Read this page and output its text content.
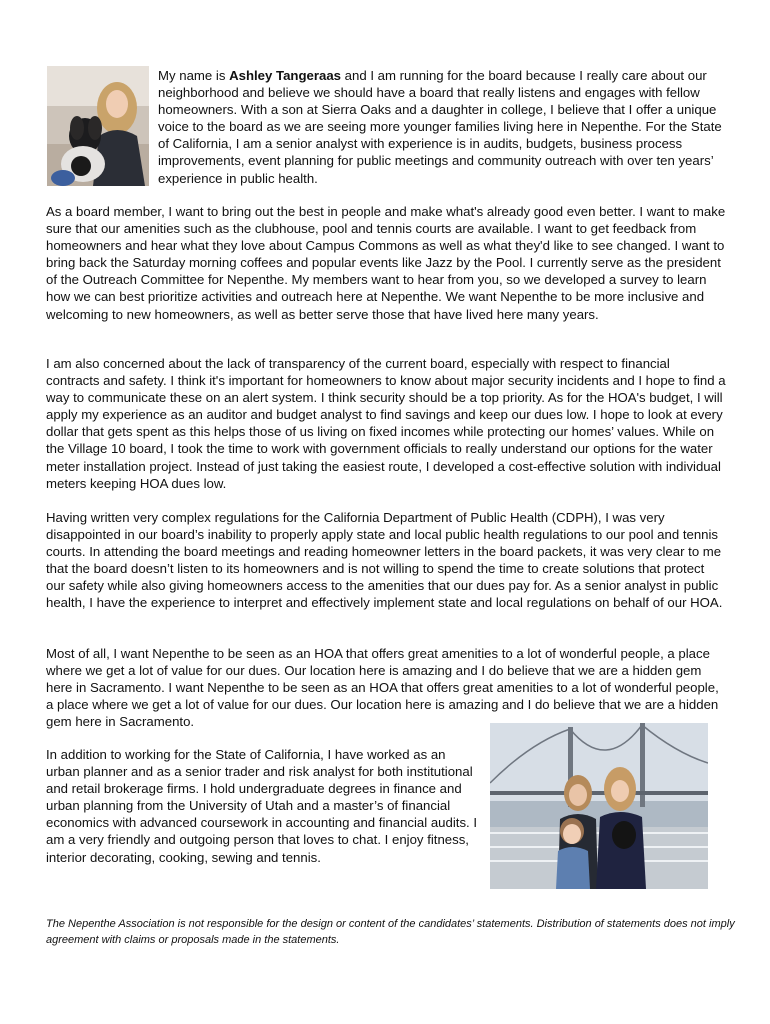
My name is Ashley Tangeraas and I am running for the board because I really care about our neighborhood and believe we should have a board that really listens and engages with fellow homeowners. With a son at Sierra Oaks and a daughter in college, I believe that I offer a unique voice to the board as we are seeing more younger families living here in Nepenthe. For the State of California, I am a senior analyst with experience is in audits, budgets, business process improvements, event planning for public meetings and community outreach with over ten years’ experience in public health.

As a board member, I want to bring out the best in people and make what's already good even better. I want to make sure that our amenities such as the clubhouse, pool and tennis courts are available. I want to get feedback from homeowners and hear what they love about Campus Commons as well as what they'd like to see changed. I want to bring back the Saturday morning coffees and popular events like Jazz by the Pool. I currently serve as the president of the Outreach Committee for Nepenthe. My members want to hear from you, so we developed a survey to learn how we can best prioritize activities and outreach here at Nepenthe. We want Nepenthe to be more inclusive and welcoming to new homeowners, as well as better serve those that have lived here many years.

I am also concerned about the lack of transparency of the current board, especially with respect to financial contracts and safety. I think it's important for homeowners to know about major security incidents and I hope to find a way to communicate these on an alert system. I think security should be a top priority. As for the HOA's budget, I will apply my experience as an auditor and budget analyst to find savings and keep our dues low. I hope to look at every dollar that gets spent as this helps those of us living on fixed incomes while protecting our homes’ values. While on the Village 10 board, I took the time to work with government officials to really understand our options for the water meter installation project. Instead of just taking the easiest route, I developed a cost-effective solution with individual meters keeping HOA dues low.

Having written very complex regulations for the California Department of Public Health (CDPH), I was very disappointed in our board’s inability to properly apply state and local public health regulations to our pool and tennis courts. In attending the board meetings and reading homeowner letters in the board packets, it was very clear to me that the board doesn’t listen to its homeowners and is not willing to spend the time to create solutions that protect our safety while also giving homeowners access to the amenities that our dues pay for. As a senior analyst in public health, I have the experience to interpret and effectively implement state and local regulations on behalf of our HOA.

Most of all, I want Nepenthe to be seen as an HOA that offers great amenities to a lot of wonderful people, a place where we get a lot of value for our dues. Our location here is amazing and I do believe that we are a hidden gem here in Sacramento. I want Nepenthe to be seen as an HOA that offers great amenities to a lot of wonderful people, a place where we get a lot of value for our dues. Our location here is amazing and I do believe that we are a hidden gem here in Sacramento.

In addition to working for the State of California, I have worked as an urban planner and as a senior trader and risk analyst for both institutional and retail brokerage firms. I hold undergraduate degrees in finance and urban planning from the University of Utah and a master’s of financial economics with advanced coursework in accounting and financial audits. I am a very friendly and outgoing person that loves to chat. I enjoy fitness, interior decorating, cooking, sewing and tennis.

The Nepenthe Association is not responsible for the design or content of the candidates’ statements. Distribution of statements does not imply agreement with claims or proposals made in the statements.
